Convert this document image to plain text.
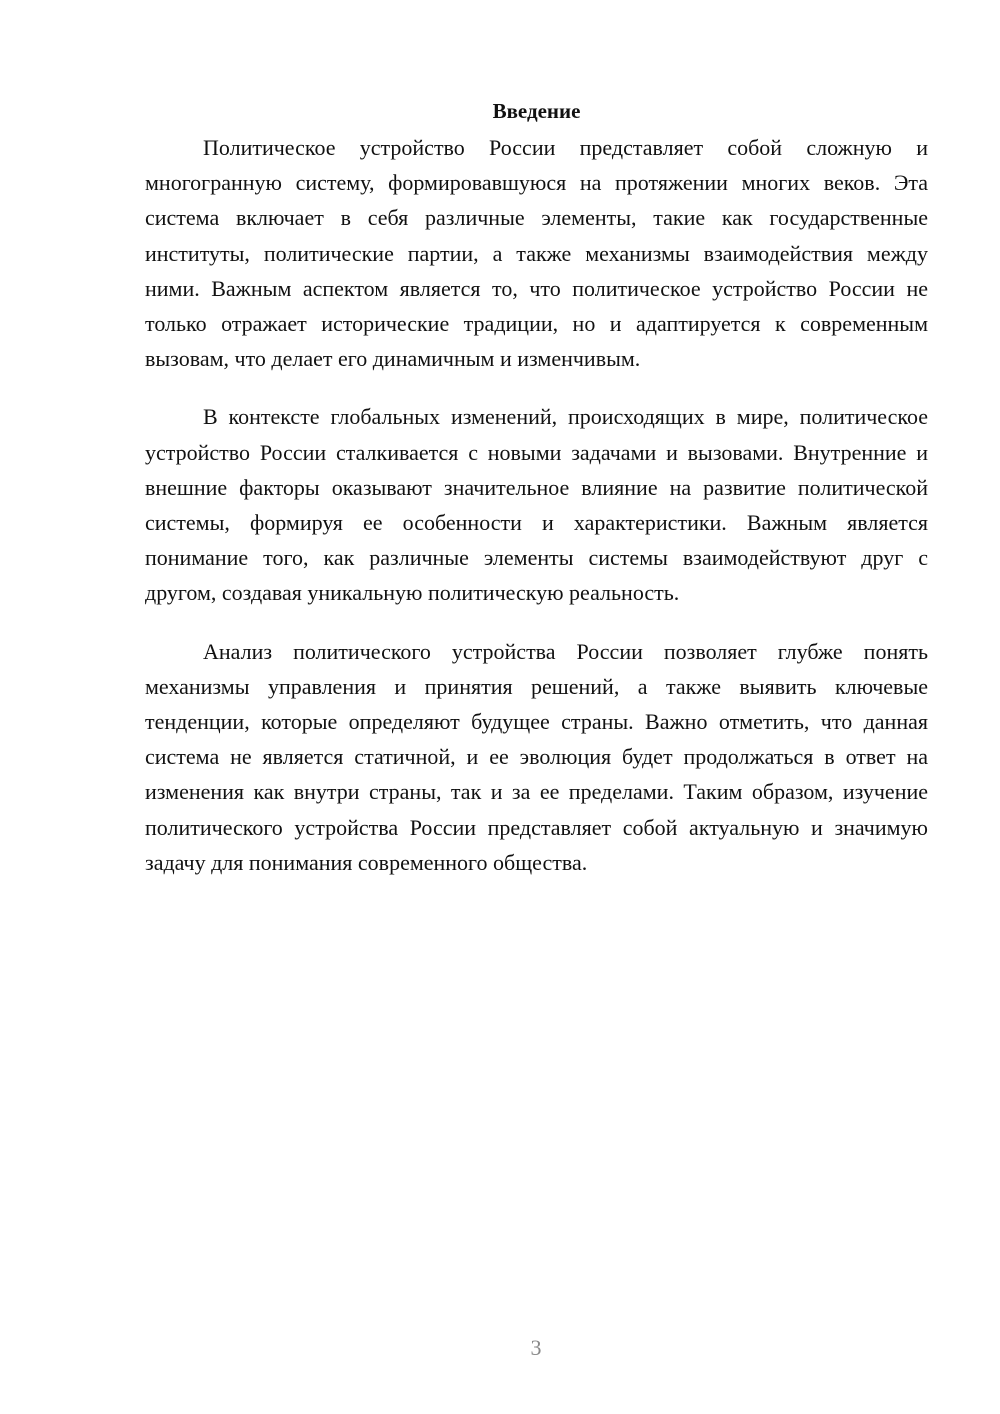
Введение

Политическое устройство России представляет собой сложную и многогранную систему, формировавшуюся на протяжении многих веков. Эта система включает в себя различные элементы, такие как государственные институты, политические партии, а также механизмы взаимодействия между ними. Важным аспектом является то, что политическое устройство России не только отражает исторические традиции, но и адаптируется к современным вызовам, что делает его динамичным и изменчивым.

В контексте глобальных изменений, происходящих в мире, политическое устройство России сталкивается с новыми задачами и вызовами. Внутренние и внешние факторы оказывают значительное влияние на развитие политической системы, формируя ее особенности и характеристики. Важным является понимание того, как различные элементы системы взаимодействуют друг с другом, создавая уникальную политическую реальность.

Анализ политического устройства России позволяет глубже понять механизмы управления и принятия решений, а также выявить ключевые тенденции, которые определяют будущее страны. Важно отметить, что данная система не является статичной, и ее эволюция будет продолжаться в ответ на изменения как внутри страны, так и за ее пределами. Таким образом, изучение политического устройства России представляет собой актуальную и значимую задачу для понимания современного общества.

3
